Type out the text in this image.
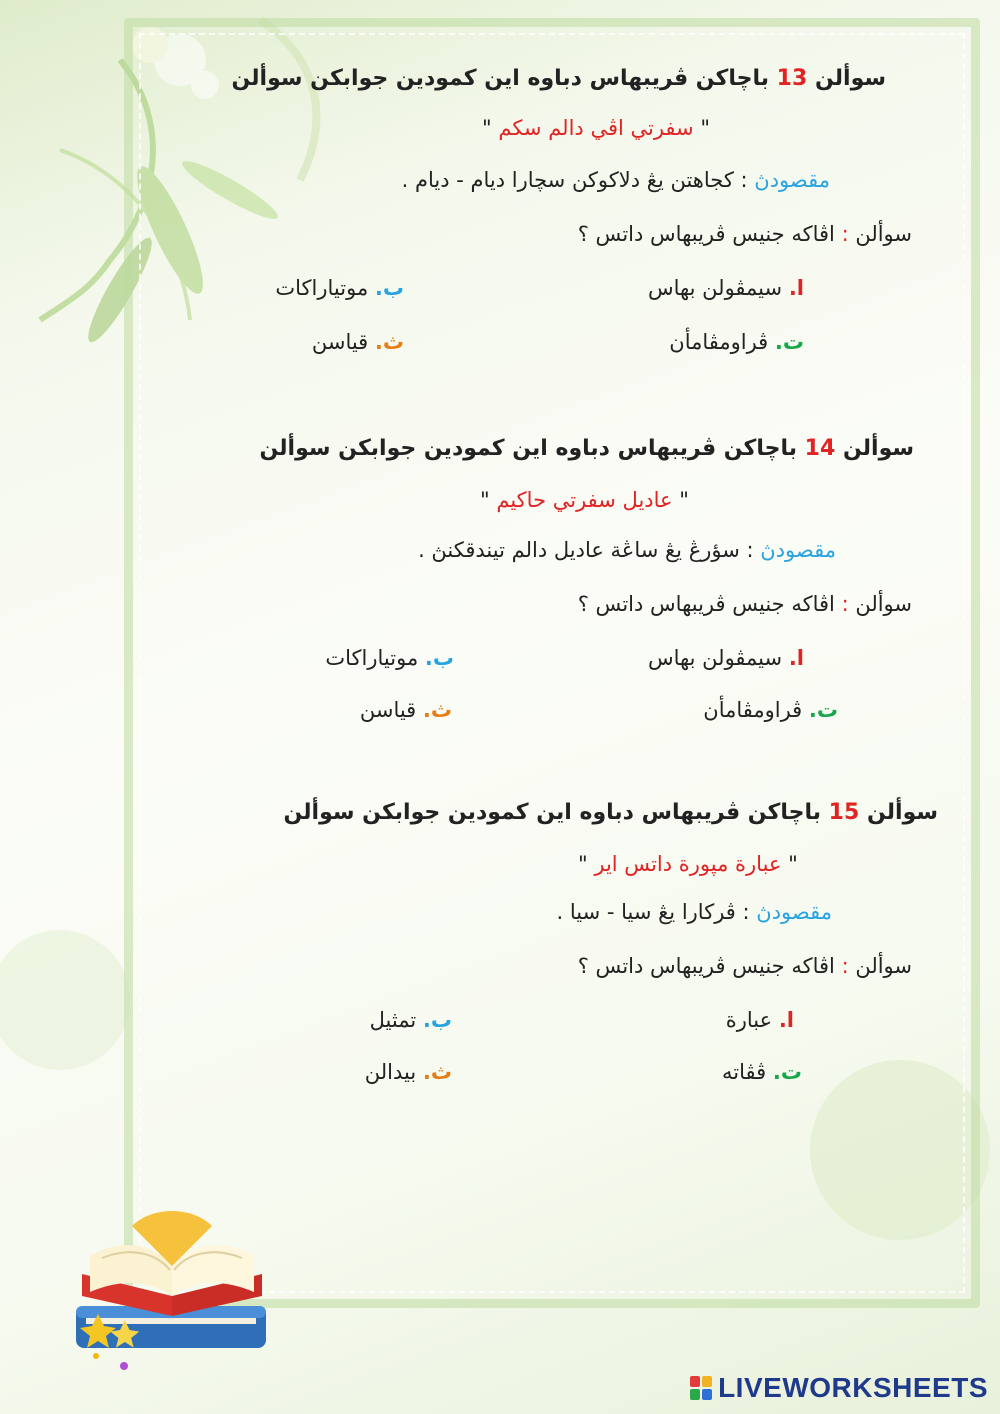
سوألن 13 باچاکن ڤريبهاس دباوه اين کمودين جوابکن سوألن
" سفرتي اڤي دالم سکم "
مقصودڽ : کجاهتن يڠ دلاکوکن سچارا ديام - ديام .
سوألن : اڤاکه جنيس ڤريبهاس داتس ؟
ا. سيمڤولن بهاس
ب. موتياراکات
ت. ڤراومڤامأن
ث. قياسن
سوألن 14 باچاکن ڤريبهاس دباوه اين کمودين جوابکن سوألن
" عاديل سفرتي حاکيم "
مقصودڽ : سؤرڠ يڠ ساڠة عاديل دالم تيندقکنڽ .
سوألن : اڤاکه جنيس ڤريبهاس داتس ؟
ا. سيمڤولن بهاس
ب. موتياراکات
ت. ڤراومڤامأن
ث. قياسن
سوألن 15 باچاکن ڤريبهاس دباوه اين کمودين جوابکن سوألن
" عبارة مپورة داتس اير "
مقصودڽ : ڤرکارا يڠ سيا - سيا .
سوألن : اڤاکه جنيس ڤريبهاس داتس ؟
ا. عبارة
ب. تمثيل
ت. ڤڤاته
ث. بيدالن
LIVEWORKSHEETS
